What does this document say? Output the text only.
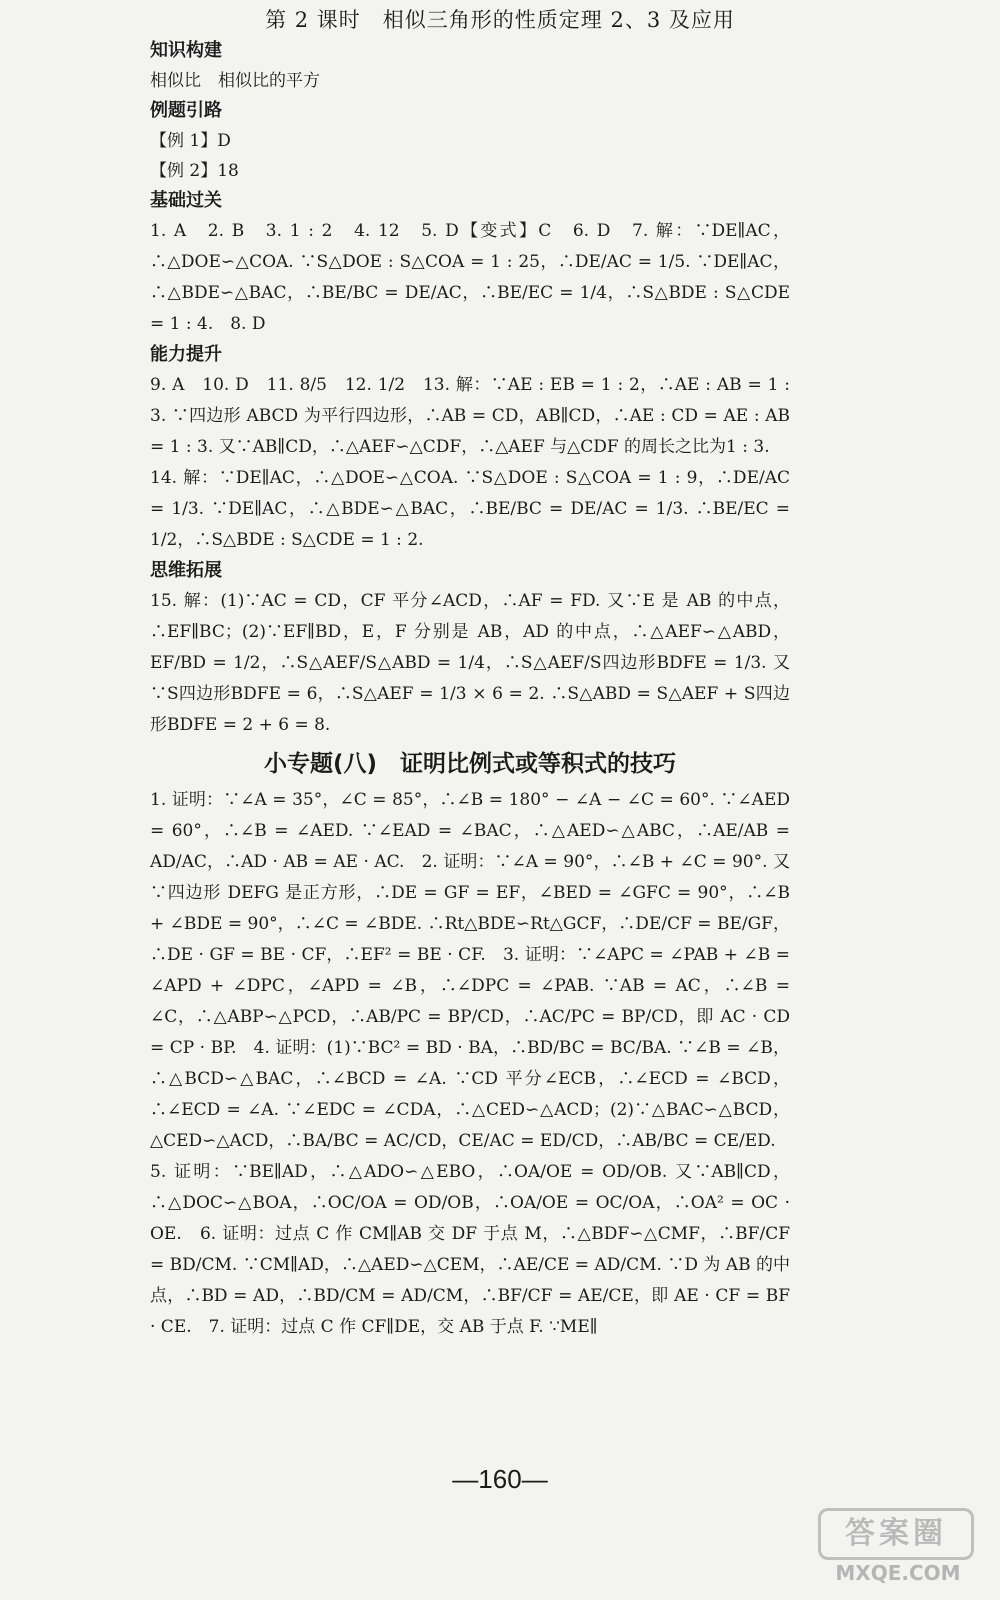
第 2 课时　相似三角形的性质定理 2、3 及应用
知识构建
相似比　相似比的平方
例题引路
【例 1】D
【例 2】18
基础过关
1. A　2. B　3. 1 : 2　4. 12　5. D【变式】C　6. D　7. 解：∵DE∥AC，∴△DOE∽△COA. ∵S△DOE : S△COA = 1 : 25，∴DE/AC = 1/5. ∵DE∥AC，∴△BDE∽△BAC，∴BE/BC = DE/AC，∴BE/EC = 1/4，∴S△BDE : S△CDE = 1 : 4.　8. D
能力提升
9. A　10. D　11. 8/5　12. 1/2　13. 解：∵AE : EB = 1 : 2，∴AE : AB = 1 : 3. ∵四边形 ABCD 为平行四边形，∴AB = CD，AB∥CD，∴AE : CD = AE : AB = 1 : 3. 又∵AB∥CD，∴△AEF∽△CDF，∴△AEF 与△CDF 的周长之比为1 : 3.
14. 解：∵DE∥AC，∴△DOE∽△COA. ∵S△DOE : S△COA = 1 : 9，∴DE/AC = 1/3. ∵DE∥AC，∴△BDE∽△BAC，∴BE/BC = DE/AC = 1/3. ∴BE/EC = 1/2，∴S△BDE : S△CDE = 1 : 2.
思维拓展
15. 解：(1)∵AC = CD，CF 平分∠ACD，∴AF = FD. 又∵E 是 AB 的中点，∴EF∥BC；(2)∵EF∥BD，E，F 分别是 AB，AD 的中点，∴△AEF∽△ABD，EF/BD = 1/2，∴S△AEF/S△ABD = 1/4，∴S△AEF/S四边形BDFE = 1/3. 又∵S四边形BDFE = 6，∴S△AEF = 1/3 × 6 = 2. ∴S△ABD = S△AEF + S四边形BDFE = 2 + 6 = 8.
小专题(八)　证明比例式或等积式的技巧
1. 证明：∵∠A = 35°，∠C = 85°，∴∠B = 180° − ∠A − ∠C = 60°. ∵∠AED = 60°，∴∠B = ∠AED. ∵∠EAD = ∠BAC，∴△AED∽△ABC，∴AE/AB = AD/AC，∴AD · AB = AE · AC.　2. 证明：∵∠A = 90°，∴∠B + ∠C = 90°. 又∵四边形 DEFG 是正方形，∴DE = GF = EF，∠BED = ∠GFC = 90°，∴∠B + ∠BDE = 90°，∴∠C = ∠BDE. ∴Rt△BDE∽Rt△GCF，∴DE/CF = BE/GF，∴DE · GF = BE · CF，∴EF² = BE · CF.　3. 证明：∵∠APC = ∠PAB + ∠B = ∠APD + ∠DPC，∠APD = ∠B，∴∠DPC = ∠PAB. ∵AB = AC，∴∠B = ∠C，∴△ABP∽△PCD，∴AB/PC = BP/CD，∴AC/PC = BP/CD，即 AC · CD = CP · BP.　4. 证明：(1)∵BC² = BD · BA，∴BD/BC = BC/BA. ∵∠B = ∠B，∴△BCD∽△BAC，∴∠BCD = ∠A. ∵CD 平分∠ECB，∴∠ECD = ∠BCD，∴∠ECD = ∠A. ∵∠EDC = ∠CDA，∴△CED∽△ACD；(2)∵△BAC∽△BCD，△CED∽△ACD，∴BA/BC = AC/CD，CE/AC = ED/CD，∴AB/BC = CE/ED.
5. 证明：∵BE∥AD，∴△ADO∽△EBO，∴OA/OE = OD/OB. 又∵AB∥CD，∴△DOC∽△BOA，∴OC/OA = OD/OB，∴OA/OE = OC/OA，∴OA² = OC · OE.　6. 证明：过点 C 作 CM∥AB 交 DF 于点 M，∴△BDF∽△CMF，∴BF/CF = BD/CM. ∵CM∥AD，∴△AED∽△CEM，∴AE/CE = AD/CM. ∵D 为 AB 的中点，∴BD = AD，∴BD/CM = AD/CM，∴BF/CF = AE/CE，即 AE · CF = BF · CE.　7. 证明：过点 C 作 CF∥DE，交 AB 于点 F. ∵ME∥
—160—
答案圈
MXQE.COM
